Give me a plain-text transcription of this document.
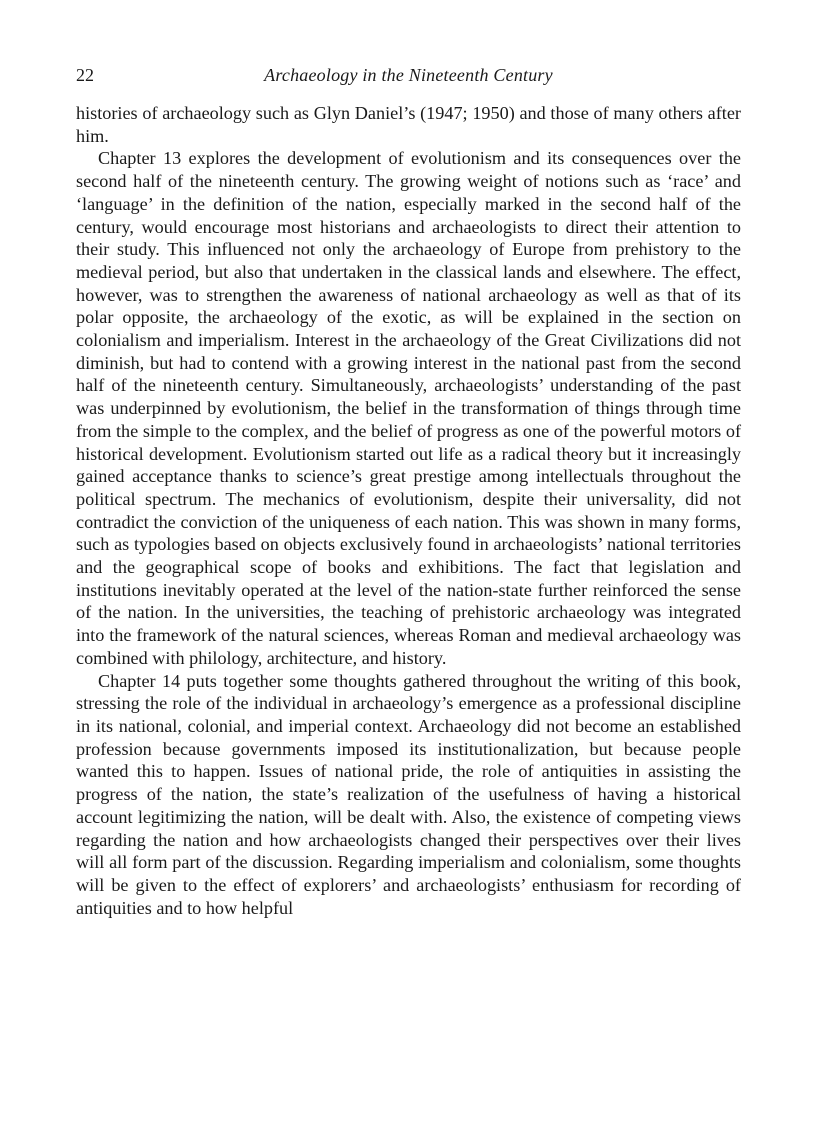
22	Archaeology in the Nineteenth Century

histories of archaeology such as Glyn Daniel’s (1947; 1950) and those of many others after him.

Chapter 13 explores the development of evolutionism and its consequences over the second half of the nineteenth century. The growing weight of notions such as ‘race’ and ‘language’ in the definition of the nation, especially marked in the second half of the century, would encourage most historians and archaeologists to direct their attention to their study. This influenced not only the archaeology of Europe from prehistory to the medieval period, but also that undertaken in the classical lands and elsewhere. The effect, however, was to strengthen the awareness of national archaeology as well as that of its polar opposite, the archaeology of the exotic, as will be explained in the section on colonialism and imperialism. Interest in the archaeology of the Great Civilizations did not diminish, but had to contend with a growing interest in the national past from the second half of the nineteenth century. Simultaneously, archaeologists’ understanding of the past was underpinned by evolutionism, the belief in the transformation of things through time from the simple to the complex, and the belief of progress as one of the powerful motors of historical development. Evolutionism started out life as a radical theory but it increasingly gained acceptance thanks to science’s great prestige among intellectuals throughout the political spectrum. The mechanics of evolutionism, despite their universality, did not contradict the conviction of the uniqueness of each nation. This was shown in many forms, such as typologies based on objects exclusively found in archaeologists’ national territories and the geographical scope of books and exhibitions. The fact that legislation and institutions inevitably operated at the level of the nation-state further reinforced the sense of the nation. In the universities, the teaching of prehistoric archaeology was integrated into the framework of the natural sciences, whereas Roman and medieval archaeology was combined with philology, architecture, and history.

Chapter 14 puts together some thoughts gathered throughout the writing of this book, stressing the role of the individual in archaeology’s emergence as a professional discipline in its national, colonial, and imperial context. Archaeology did not become an established profession because governments imposed its institutionalization, but because people wanted this to happen. Issues of national pride, the role of antiquities in assisting the progress of the nation, the state’s realization of the usefulness of having a historical account legitimizing the nation, will be dealt with. Also, the existence of competing views regarding the nation and how archaeologists changed their perspectives over their lives will all form part of the discussion. Regarding imperialism and colonialism, some thoughts will be given to the effect of explorers’ and archaeologists’ enthusiasm for recording of antiquities and to how helpful
